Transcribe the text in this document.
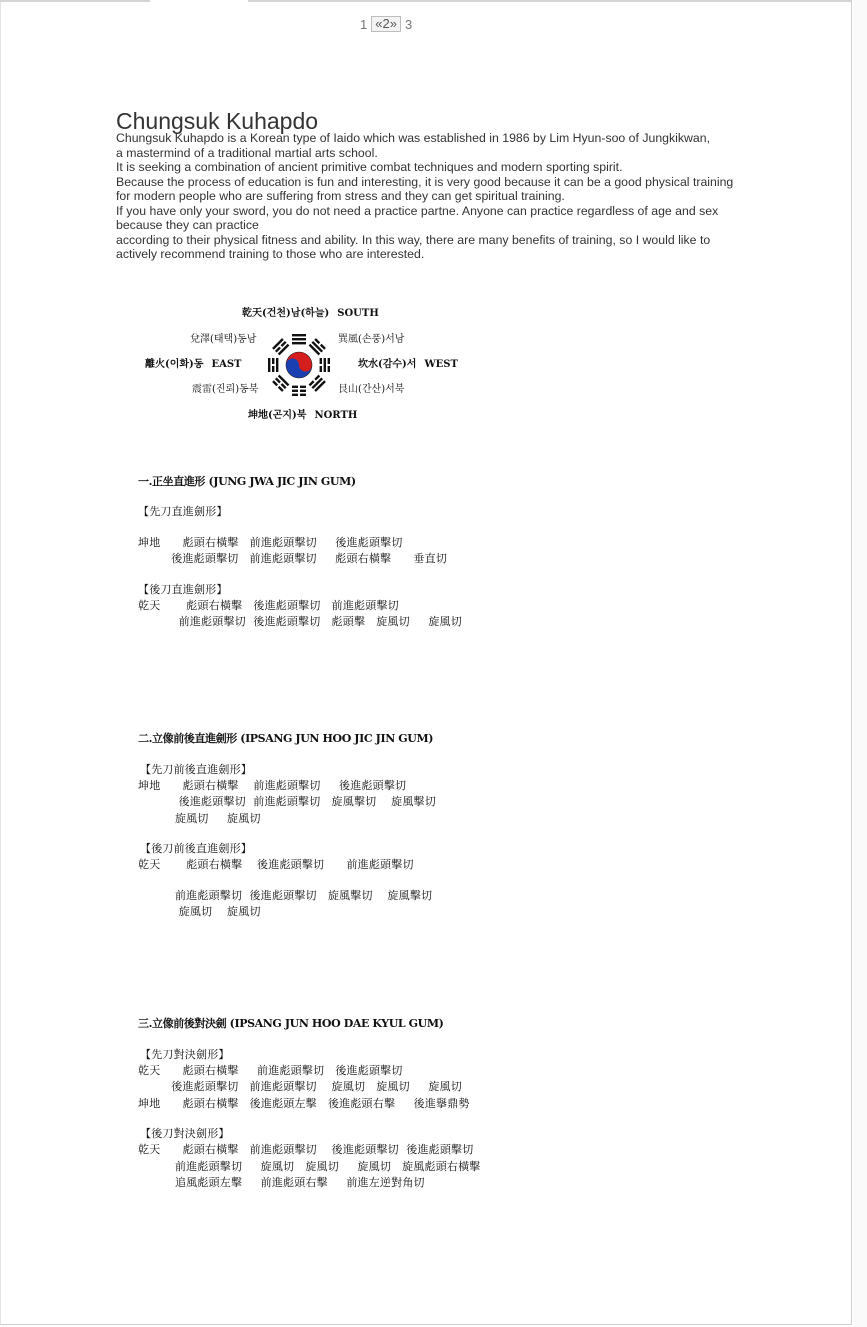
1 «2» 3
Chungsuk Kuhapdo

Chungsuk Kuhapdo is a Korean type of Iaido which was established in 1986 by Lim Hyun-soo of Jungkikwan,

a mastermind of a traditional martial arts school.

It is seeking a combination of ancient primitive combat techniques and modern sporting spirit.

Because the process of education is fun and interesting, it is very good because it can be a good physical training

for modern people who are suffering from stress and they can get spiritual training.

If you have only your sword, you do not need a practice partne. Anyone can practice regardless of age and sex

because they can practice

according to their physical fitness and ability. In this way, there are many benefits of training, so I would like to

actively recommend training to those who are interested.

乾天(건천)남(하늘) SOUTH
兌澤(태택)동남	巽風(손풍)서남
離火(이화)동 EAST	坎水(감수)서 WEST
震雷(진뢰)동북	艮山(간산)서북
坤地(곤지)북 NORTH
一.正坐直進形 (JUNG JWA JIC JIN GUM)
【先刀直進劍形】
坤地      彪頭右橫擊   前進彪頭擊切     後進彪頭擊切
後進彪頭擊切   前進彪頭擊切     彪頭右橫擊      垂直切
【後刀直進劍形】
乾天       彪頭右橫擊   後進彪頭擊切   前進彪頭擊切
前進彪頭擊切  後進彪頭擊切   彪頭擊   旋風切     旋風切
二.立像前後直進劍形 (IPSANG JUN HOO JIC JIN GUM)
【先刀前後直進劍形】
坤地      彪頭右橫擊    前進彪頭擊切     後進彪頭擊切
後進彪頭擊切  前進彪頭擊切   旋風擊切    旋風擊切
旋風切     旋風切
【後刀前後直進劍形】
乾天       彪頭右橫擊    後進彪頭擊切      前進彪頭擊切
前進彪頭擊切  後進彪頭擊切   旋風擊切    旋風擊切
旋風切    旋風切
三.立像前後對決劍 (IPSANG JUN HOO DAE KYUL GUM)
【先刀對決劍形】
乾天      彪頭右橫擊     前進彪頭擊切   後進彪頭擊切
後進彪頭擊切   前進彪頭擊切    旋風切   旋風切     旋風切
坤地      彪頭右橫擊   後進彪頭左擊   後進彪頭右擊     後進擧鼎勢
【後刀對決劍形】
乾天      彪頭右橫擊   前進彪頭擊切    後進彪頭擊切  後進彪頭擊切
前進彪頭擊切     旋風切   旋風切     旋風切   旋風彪頭右橫擊
追風彪頭左擊     前進彪頭右擊     前進左逆對角切
